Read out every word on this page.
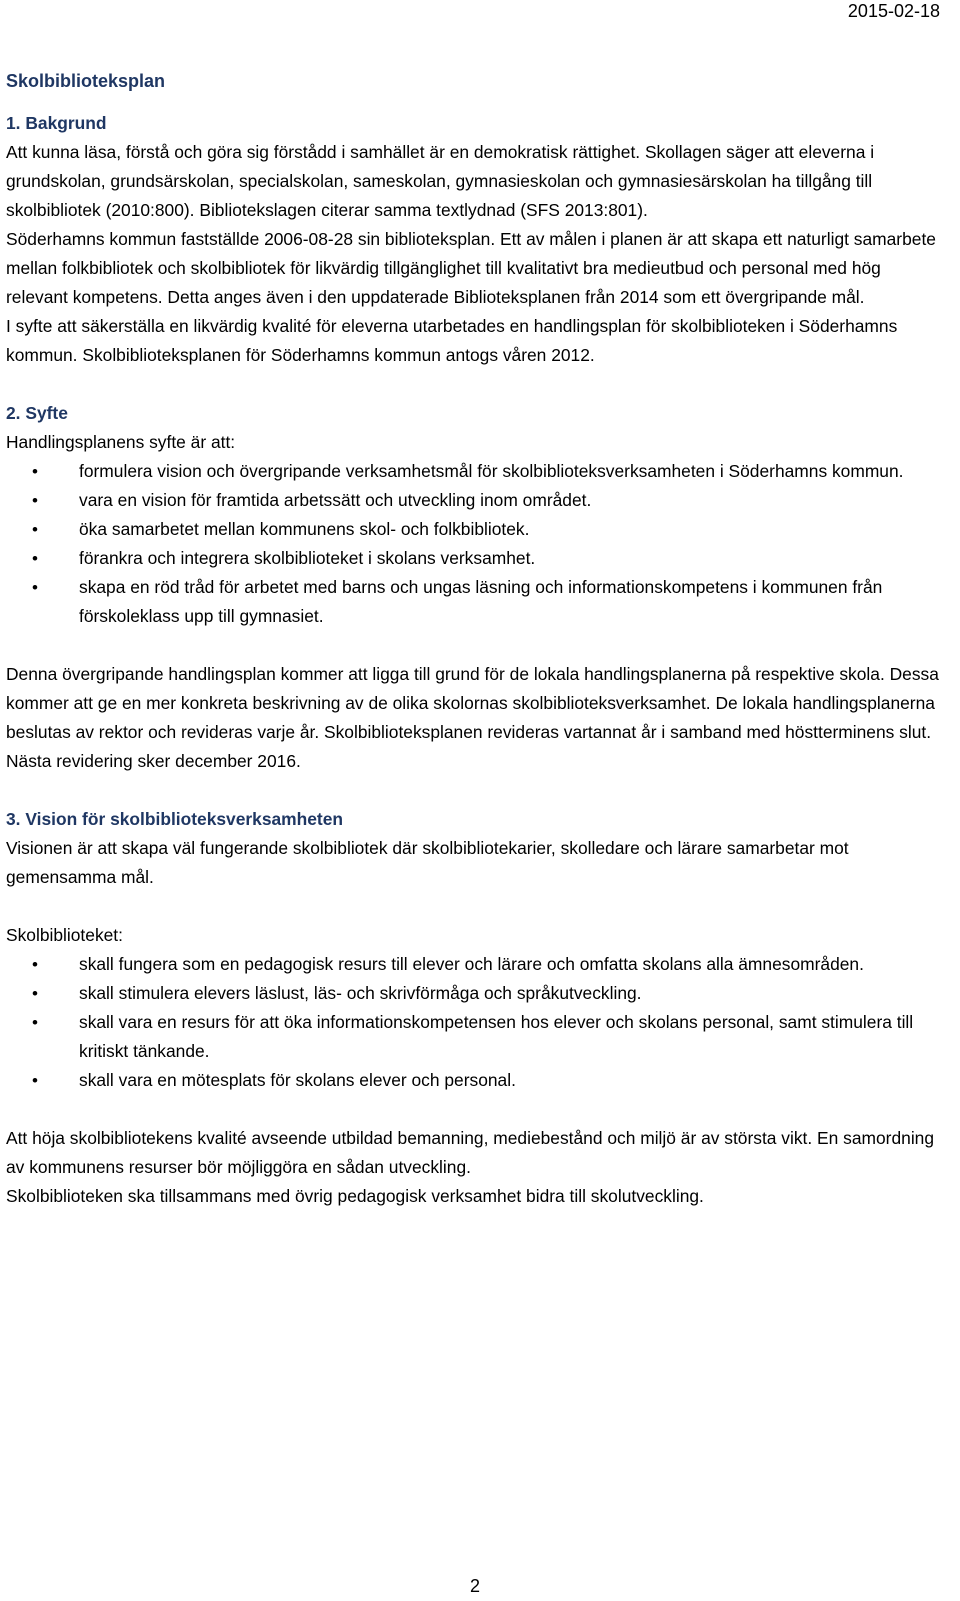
2015-02-18

Skolbiblioteksplan

1. Bakgrund

Att kunna läsa, förstå och göra sig förstådd i samhället är en demokratisk rättighet. Skollagen säger att eleverna i grundskolan, grundsärskolan, specialskolan, sameskolan, gymnasieskolan och gymnasiesärskolan ha tillgång till skolbibliotek (2010:800). Bibliotekslagen citerar samma textlydnad (SFS 2013:801).

Söderhamns kommun fastställde 2006-08-28 sin biblioteksplan. Ett av målen i planen är att skapa ett naturligt samarbete mellan folkbibliotek och skolbibliotek för likvärdig tillgänglighet till kvalitativt bra medieutbud och personal med hög relevant kompetens. Detta anges även i den uppdaterade Biblioteksplanen från 2014 som ett övergripande mål.

I syfte att säkerställa en likvärdig kvalité för eleverna utarbetades en handlingsplan för skolbiblioteken i Söderhamns kommun. Skolbiblioteksplanen för Söderhamns kommun antogs våren 2012.

2. Syfte

Handlingsplanens syfte är att:

• formulera vision och övergripande verksamhetsmål för skolbiblioteksverksamheten i Söderhamns kommun.
• vara en vision för framtida arbetssätt och utveckling inom området.
• öka samarbetet mellan kommunens skol- och folkbibliotek.
• förankra och integrera skolbiblioteket i skolans verksamhet.
• skapa en röd tråd för arbetet med barns och ungas läsning och informationskompetens i kommunen från förskoleklass upp till gymnasiet.

Denna övergripande handlingsplan kommer att ligga till grund för de lokala handlingsplanerna på respektive skola. Dessa kommer att ge en mer konkreta beskrivning av de olika skolornas skolbiblioteksverksamhet. De lokala handlingsplanerna beslutas av rektor och revideras varje år. Skolbiblioteksplanen revideras vartannat år i samband med höstterminens slut. Nästa revidering sker december 2016.

3. Vision för skolbiblioteksverksamheten

Visionen är att skapa väl fungerande skolbibliotek där skolbibliotekarier, skolledare och lärare samarbetar mot gemensamma mål.

Skolbiblioteket:

• skall fungera som en pedagogisk resurs till elever och lärare och omfatta skolans alla ämnesområden.
• skall stimulera elevers läslust, läs- och skrivförmåga och språkutveckling.
• skall vara en resurs för att öka informationskompetensen hos elever och skolans personal, samt stimulera till kritiskt tänkande.
• skall vara en mötesplats för skolans elever och personal.

Att höja skolbibliotekens kvalité avseende utbildad bemanning, mediebestånd och miljö är av största vikt. En samordning av kommunens resurser bör möjliggöra en sådan utveckling.

Skolbiblioteken ska tillsammans med övrig pedagogisk verksamhet bidra till skolutveckling.

2
